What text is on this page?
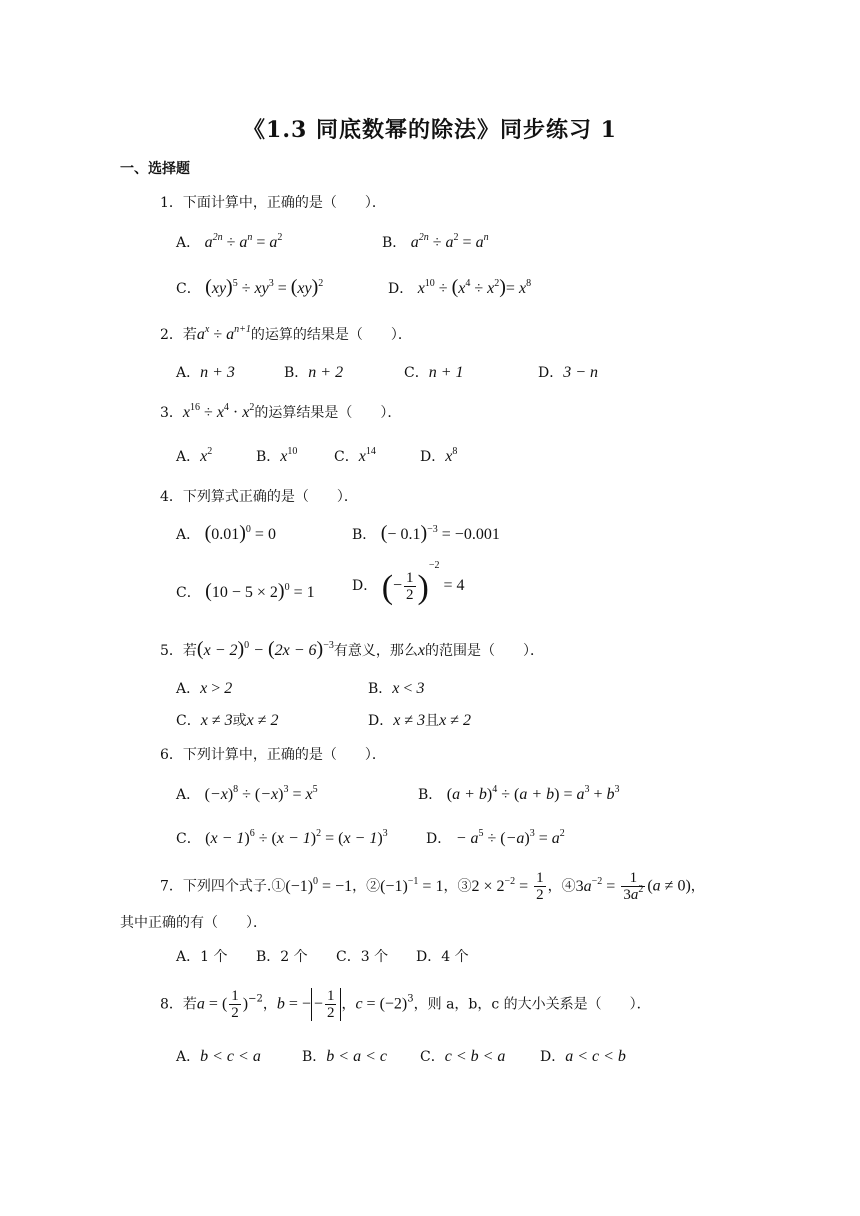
《1.3 同底数幂的除法》同步练习 1
一、选择题
1．下面计算中，正确的是（　　）．
A． $a^{2n} \div a^n = a^2$	B． $a^{2n} \div a^2 = a^n$
C． $(xy)^5 \div xy^3 = (xy)^2$	D． $x^{10} \div (x^4 \div x^2)= x^8$
2．若$a^x \div a^{n+1}$的运算的结果是（　　）．
A．n + 3	B．n + 2	C．n + 1	D．3 − n
3．$x^{16} \div x^4 \cdot x^2$的运算结果是（　　）．
A．$x^2$	B．$x^{10}$	C．$x^{14}$	D．$x^8$
4．下列算式正确的是（　　）．
A． $(0.01)^0 = 0$	B． (− 0.1)$^{-3}$ = −0.001
C． $(10 - 5 \times 2)^0 = 1$	D． (− $\frac{1}{2} )^{-2} = 4$
5．若$(x - 2)^0 - (2x - 6)^{-3}$有意义，那么x的范围是（　　）．
A．x > 2	B．x < 3
C．x ≠ 3或x ≠ 2	D．x ≠ 3且x ≠ 2
6．下列计算中，正确的是（　　）．
A． $(-x)^8 \div (-x)^3 = x^5$	B． $(a + b)^4 \div (a + b) = a^3 + b^3$
C． $(x - 1)^6 \div (x - 1)^2 = (x - 1)^3$	D． − $a^5 \div (-a)^3 = a^2$
7．下列四个式子$.①(-1)^0 = -1$，$②(-1)^{-1} = 1$，③2 × $2^{-2} = \frac{1}{2}$ ，$④3a^{-2} = \frac{1}{3a^2} (a \ne 0)$，
其中正确的有（　　）．
A．1 个 B．2 个 C．3 个 D．4 个
8．若a = ( $\frac{1}{2} )^{-2}$，b = − − $\frac{1}{2}$ ，$c = (-2)^3$，则 a，b，c 的大小关系是（　　）．
A．b < c < a	B．b < a < c C．c < b < a D．a < c < b
